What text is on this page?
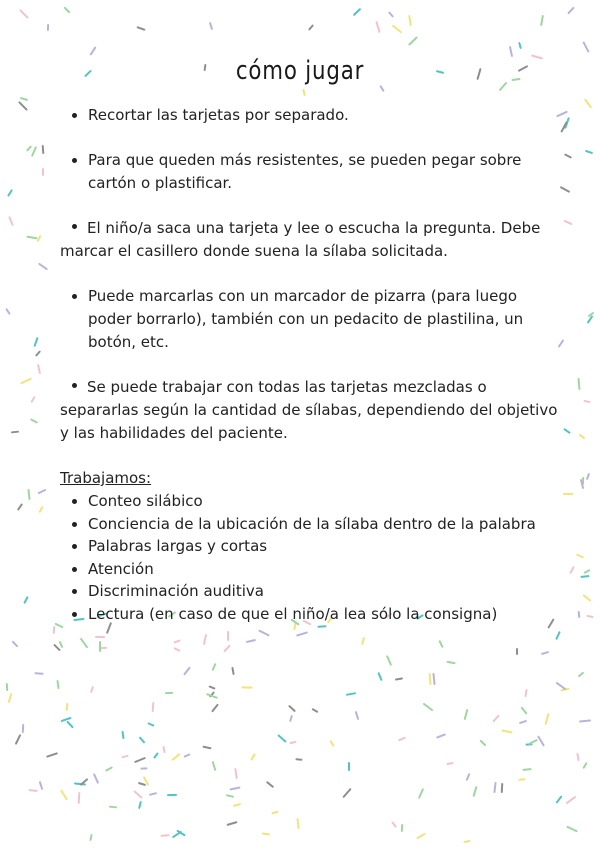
cómo jugar

Recortar las tarjetas por separado.

Para que queden más resistentes, se pueden pegar sobre cartón o plastificar.

El niño/a saca una tarjeta y lee o escucha la pregunta. Debe marcar el casillero donde suena la sílaba solicitada.

Puede marcarlas con un marcador de pizarra (para luego poder borrarlo), también con un pedacito de plastilina, un botón, etc.

Se puede trabajar con todas las tarjetas mezcladas o separarlas según la cantidad de sílabas, dependiendo del objetivo y las habilidades del paciente.

Trabajamos:
Conteo silábico
Conciencia de la ubicación de la sílaba dentro de la palabra
Palabras largas y cortas
Atención
Discriminación auditiva
Lectura (en caso de que el niño/a lea sólo la consigna)
